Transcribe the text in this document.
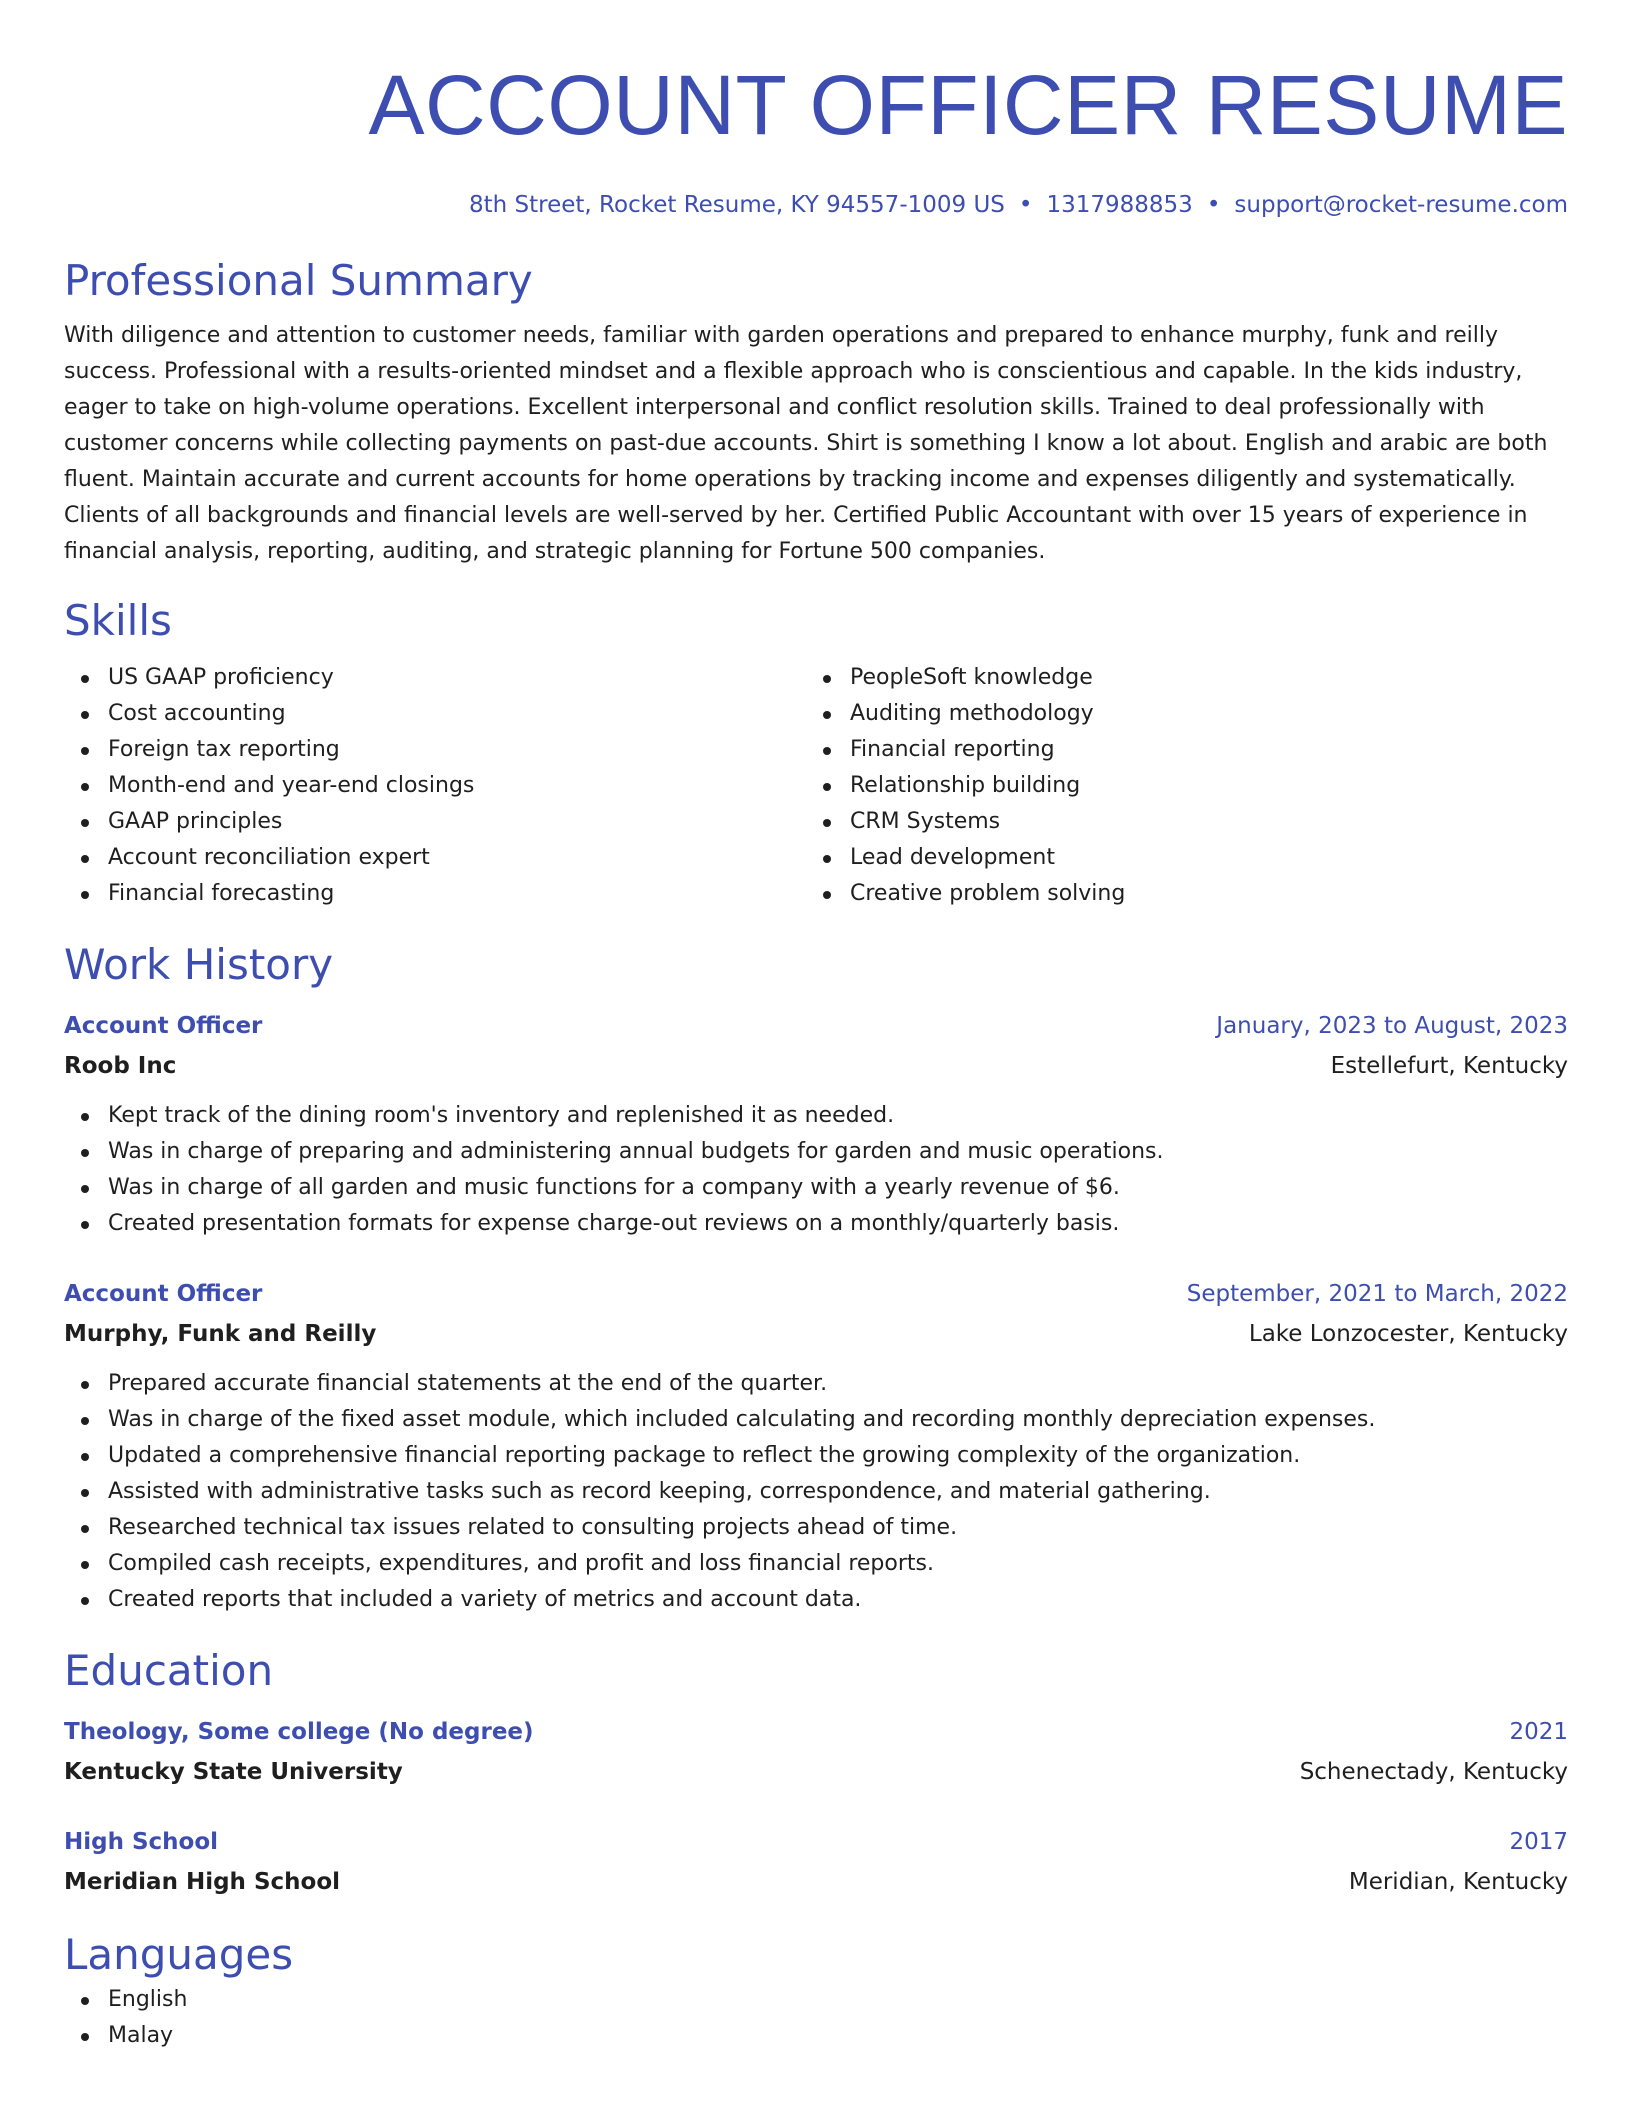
ACCOUNT OFFICER RESUME
8th Street, Rocket Resume, KY 94557-1009 US • 1317988853 • support@rocket-resume.com
Professional Summary
With diligence and attention to customer needs, familiar with garden operations and prepared to enhance murphy, funk and reilly success. Professional with a results-oriented mindset and a flexible approach who is conscientious and capable. In the kids industry, eager to take on high-volume operations. Excellent interpersonal and conflict resolution skills. Trained to deal professionally with customer concerns while collecting payments on past-due accounts. Shirt is something I know a lot about. English and arabic are both fluent. Maintain accurate and current accounts for home operations by tracking income and expenses diligently and systematically. Clients of all backgrounds and financial levels are well-served by her. Certified Public Accountant with over 15 years of experience in financial analysis, reporting, auditing, and strategic planning for Fortune 500 companies.
Skills
US GAAP proficiency
Cost accounting
Foreign tax reporting
Month-end and year-end closings
GAAP principles
Account reconciliation expert
Financial forecasting
PeopleSoft knowledge
Auditing methodology
Financial reporting
Relationship building
CRM Systems
Lead development
Creative problem solving
Work History
Account Officer	January, 2023 to August, 2023
Roob Inc	Estellefurt, Kentucky
Kept track of the dining room's inventory and replenished it as needed.
Was in charge of preparing and administering annual budgets for garden and music operations.
Was in charge of all garden and music functions for a company with a yearly revenue of $6.
Created presentation formats for expense charge-out reviews on a monthly/quarterly basis.
Account Officer	September, 2021 to March, 2022
Murphy, Funk and Reilly	Lake Lonzocester, Kentucky
Prepared accurate financial statements at the end of the quarter.
Was in charge of the fixed asset module, which included calculating and recording monthly depreciation expenses.
Updated a comprehensive financial reporting package to reflect the growing complexity of the organization.
Assisted with administrative tasks such as record keeping, correspondence, and material gathering.
Researched technical tax issues related to consulting projects ahead of time.
Compiled cash receipts, expenditures, and profit and loss financial reports.
Created reports that included a variety of metrics and account data.
Education
Theology, Some college (No degree)	2021
Kentucky State University	Schenectady, Kentucky
High School	2017
Meridian High School	Meridian, Kentucky
Languages
English
Malay
